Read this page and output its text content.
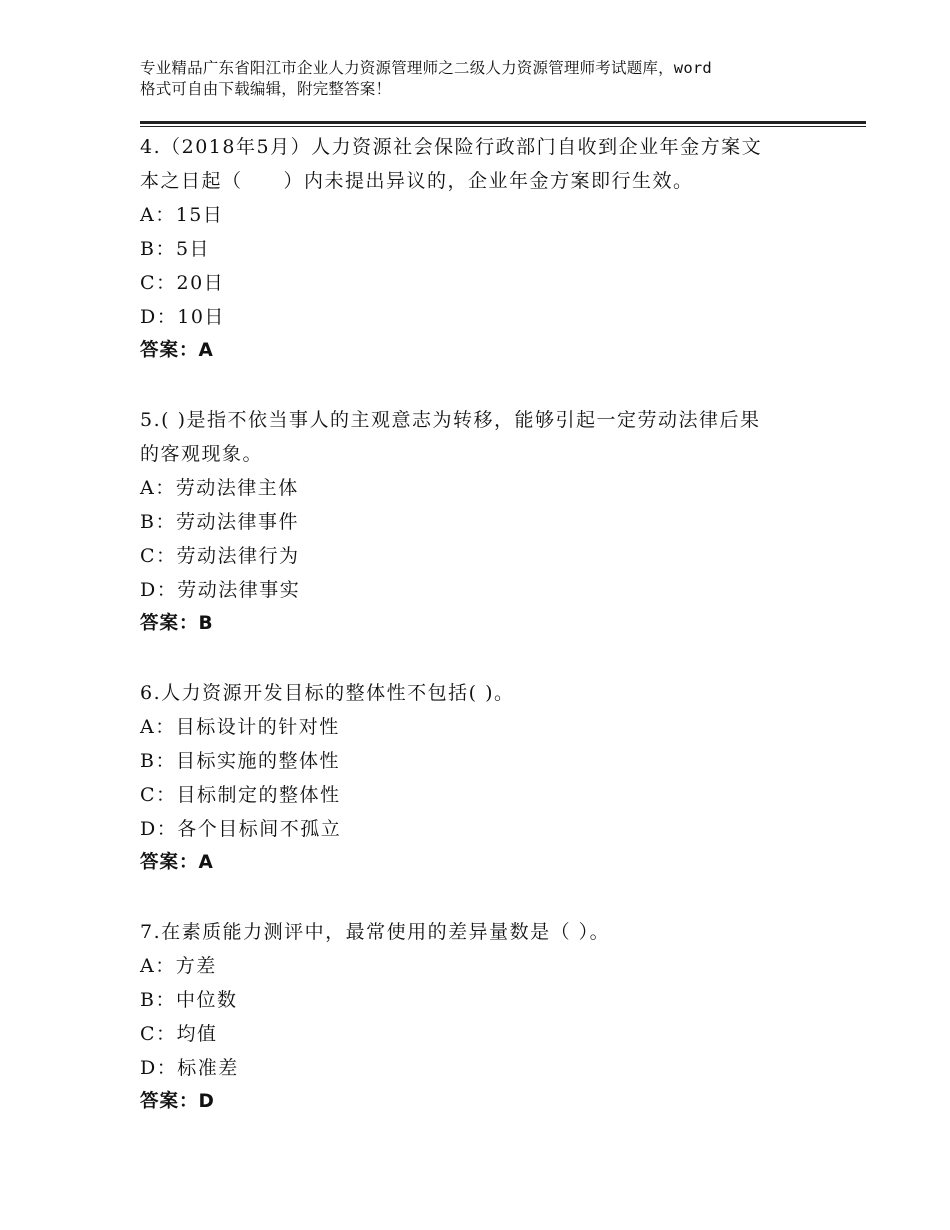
专业精品广东省阳江市企业人力资源管理师之二级人力资源管理师考试题库，word
格式可自由下载编辑，附完整答案！
4.（2018年5月）人力资源社会保险行政部门自收到企业年金方案文
本之日起（　　）内未提出异议的，企业年金方案即行生效。
A：15日
B：5日
C：20日
D：10日
答案：A
5.( )是指不依当事人的主观意志为转移，能够引起一定劳动法律后果
的客观现象。
A：劳动法律主体
B：劳动法律事件
C：劳动法律行为
D：劳动法律事实
答案：B
6.人力资源开发目标的整体性不包括( )。
A：目标设计的针对性
B：目标实施的整体性
C：目标制定的整体性
D：各个目标间不孤立
答案：A
7.在素质能力测评中，最常使用的差异量数是（ ）。
A：方差
B：中位数
C：均值
D：标准差
答案：D
